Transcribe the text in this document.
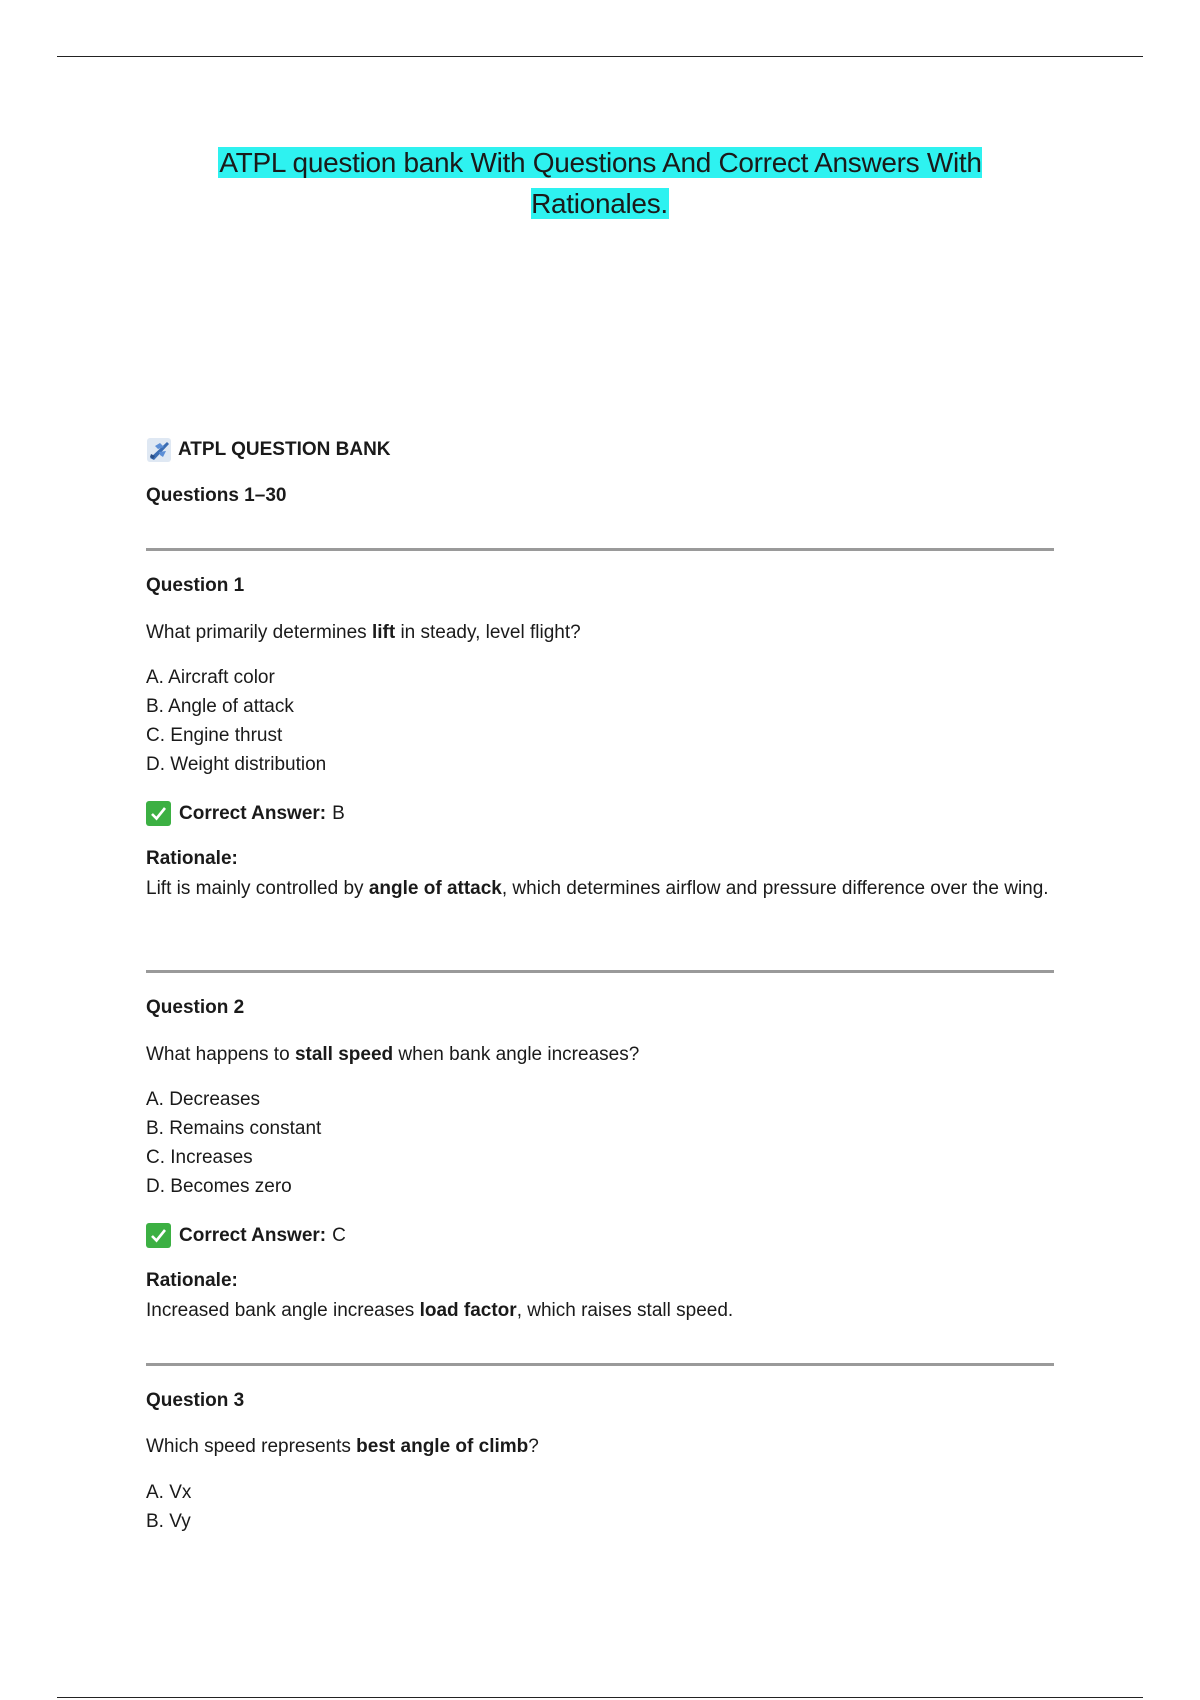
ATPL question bank With Questions And Correct Answers With Rationales.
ATPL QUESTION BANK
Questions 1–30
Question 1
What primarily determines lift in steady, level flight?
A. Aircraft color
B. Angle of attack
C. Engine thrust
D. Weight distribution
Correct Answer: B
Rationale:
Lift is mainly controlled by angle of attack, which determines airflow and pressure difference over the wing.
Question 2
What happens to stall speed when bank angle increases?
A. Decreases
B. Remains constant
C. Increases
D. Becomes zero
Correct Answer: C
Rationale:
Increased bank angle increases load factor, which raises stall speed.
Question 3
Which speed represents best angle of climb?
A. Vx
B. Vy
